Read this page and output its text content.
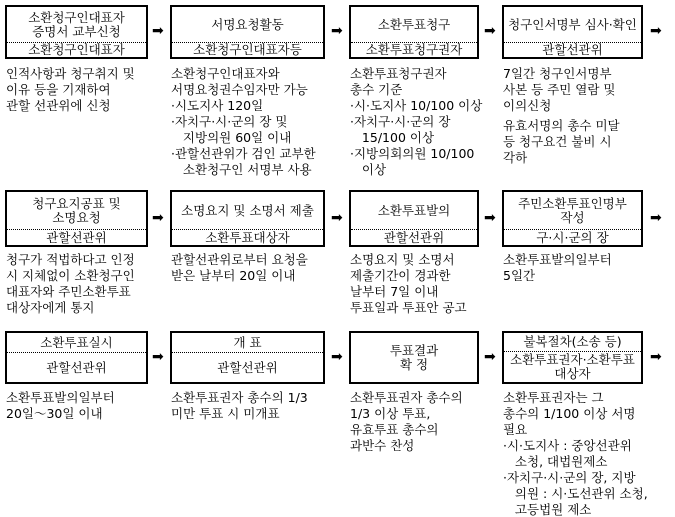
소환청구인대표자
증명서 교부신청
소환청구인대표자
인적사항과 청구취지 및
이유 등을 기재하여
관할 선관위에 신청
➡	서명요청활동
소환청구인대표자등
소환청구인대표자와
서명요청권수임자만 가능
·시도지사 120일
·자치구·시·군의 장 및
지방의원 60일 이내
·관할선관위가 검인 교부한
소환청구인 서명부 사용
➡	소환투표청구
소환투표청구권자
소환투표청구권자
총수 기준
·시·도지사 10/100 이상
·자치구·시·군의 장
15/100 이상
·지방의회의원 10/100
이상
➡ 청구인서명부 심사·확인
관할선관위
7일간 청구인서명부
사본 등 주민 열람 및
이의신청
유효서명의 총수 미달
등 청구요건 불비 시
각하
➡
청구요지공표 및
소명요청
관할선관위
청구가 적법하다고 인정
시 지체없이 소환청구인
대표자와 주민소환투표
대상자에게 통지
➡	소명요지 및 소명서 제출
소환투표대상자
관할선관위로부터 요청을
받은 날부터 20일 이내
➡	소환투표발의
관할선관위
소명요지 및 소명서
제출기간이 경과한
날부터 7일 이내
투표일과 투표안 공고
➡
주민소환투표인명부
작성
구·시·군의 장
소환투표발의일부터
5일간
➡
소환투표실시
관할선관위
소환투표발의일부터
20일～30일 이내
➡
개 표
관할선관위
소환투표권자 총수의 1/3
미만 투표 시 미개표
➡	투표결과
확 정
소환투표권자 총수의
1/3 이상 투표,
유효투표 총수의
과반수 찬성
➡
불복절차(소송 등)
소환투표권자·소환투표
대상자
소환투표권자는 그
총수의 1/100 이상 서명
필요
·시·도지사 : 중앙선관위
소청, 대법원제소
·자치구·시·군의 장, 지방
의원 : 시·도선관위 소청,
고등법원 제소
➡
